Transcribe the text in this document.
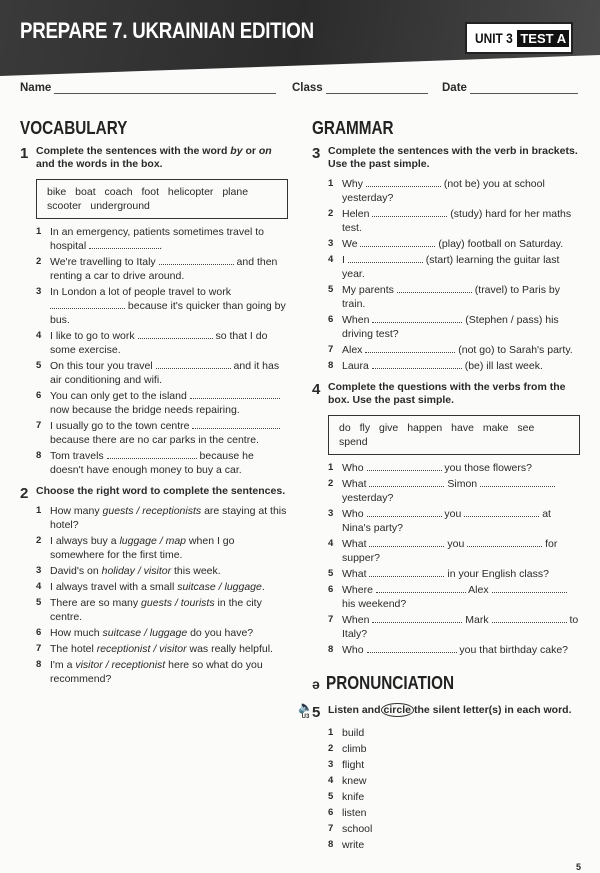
PREPARE 7. UKRAINIAN EDITION	UNIT 3 TEST A
Name	Class	Date
VOCABULARY
1 Complete the sentences with the word by or on and the words in the box.
bike boat coach foot helicopter plane scooter underground
1 In an emergency, patients sometimes travel to hospital	.
2 We're travelling to Italy	and then renting a car to drive around.
3 In London a lot of people travel to work  because it's quicker than going by bus.
4 I like to go to work	so that I do some exercise.
5 On this tour you travel	and it has air conditioning and wifi.
6 You can only get to the island  now because the bridge needs repairing.
7 I usually go to the town centre  because there are no car parks in the centre.
8 Tom travels	because he doesn't have enough money to buy a car.
2 Choose the right word to complete the sentences.
1 How many guests / receptionists are staying at this hotel?
2 I always buy a luggage / map when I go somewhere for the first time.
3 David's on holiday / visitor this week.
4 I always travel with a small suitcase / luggage.
5 There are so many guests / tourists in the city centre.
6 How much suitcase / luggage do you have?
7 The hotel receptionist / visitor was really helpful.
8 I'm a visitor / receptionist here so what do you recommend?
GRAMMAR
3 Complete the sentences with the verb in brackets. Use the past simple.
1 Why	(not be) you at school yesterday?
2 Helen	(study) hard for her maths test.
3 We	(play) football on Saturday.
4 I	(start) learning the guitar last year.
5 My parents	(travel) to Paris by train.
6 When	(Stephen / pass) his driving test?
7 Alex	(not go) to Sarah's party.
8 Laura	(be) ill last week.
4 Complete the questions with the verbs from the box. Use the past simple.
do fly give happen have make see spend
1 Who	you those flowers?
2 What	Simon  yesterday?
3 Who	you	at Nina's party?
4 What	you	for supper?
5 What	in your English class?
6 Where	Alex  his weekend?
7 When	Mark	to Italy?
8 Who	you that birthday cake?
ə PRONUNCIATION
🔈
U3 5 Listen and circle the silent letter(s) in each word.
1 build
2 climb
3 flight
4 knew
5 knife
6 listen
7 school
8 write
5
